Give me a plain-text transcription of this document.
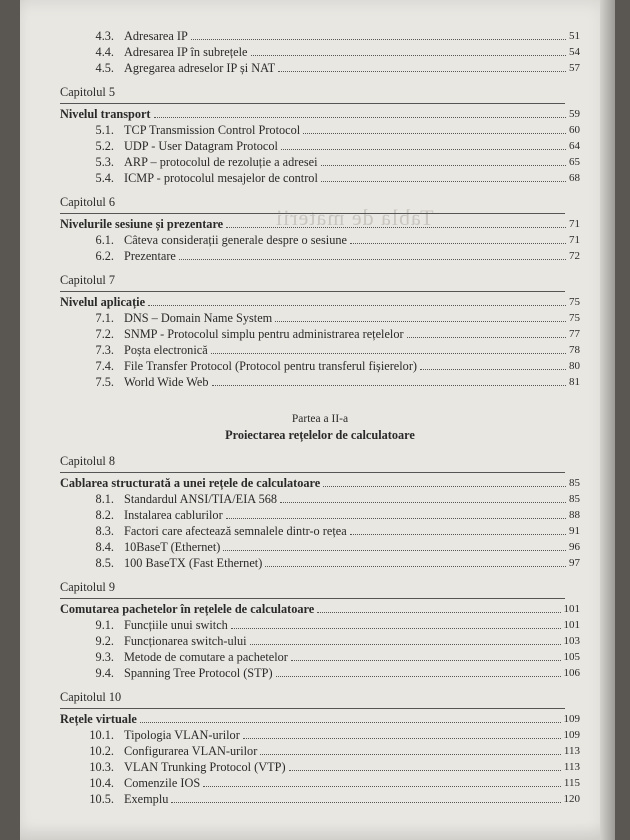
Tabla de materii
4.3. Adresarea IP	51
4.4. Adresarea IP în subrețele	54
4.5. Agregarea adreselor IP și NAT	57
Capitolul 5
Nivelul transport	59
5.1. TCP Transmission Control Protocol	60
5.2. UDP - User Datagram Protocol	64
5.3. ARP – protocolul de rezoluție a adresei	65
5.4. ICMP - protocolul mesajelor de control	68
Capitolul 6
Nivelurile sesiune și prezentare	71
6.1. Câteva considerații generale despre o sesiune	71
6.2. Prezentare	72
Capitolul 7
Nivelul aplicație	75
7.1. DNS – Domain Name System	75
7.2. SNMP - Protocolul simplu pentru administrarea rețelelor	77
7.3. Poșta electronică	78
7.4. File Transfer Protocol (Protocol pentru transferul fișierelor)	80
7.5. World Wide Web	81
Partea a II-a
Proiectarea rețelelor de calculatoare
Capitolul 8
Cablarea structurată a unei rețele de calculatoare	85
8.1. Standardul ANSI/TIA/EIA 568	85
8.2. Instalarea cablurilor	88
8.3. Factori care afectează semnalele dintr-o rețea	91
8.4. 10BaseT (Ethernet)	96
8.5. 100 BaseTX (Fast Ethernet)	97
Capitolul 9
Comutarea pachetelor în rețelele de calculatoare	101
9.1. Funcțiile unui switch	101
9.2. Funcționarea switch-ului	103
9.3. Metode de comutare a pachetelor	105
9.4. Spanning Tree Protocol (STP)	106
Capitolul 10
Rețele virtuale	109
10.1. Tipologia VLAN-urilor	109
10.2. Configurarea VLAN-urilor	113
10.3. VLAN Trunking Protocol (VTP)	113
10.4. Comenzile IOS	115
10.5. Exemplu	120
